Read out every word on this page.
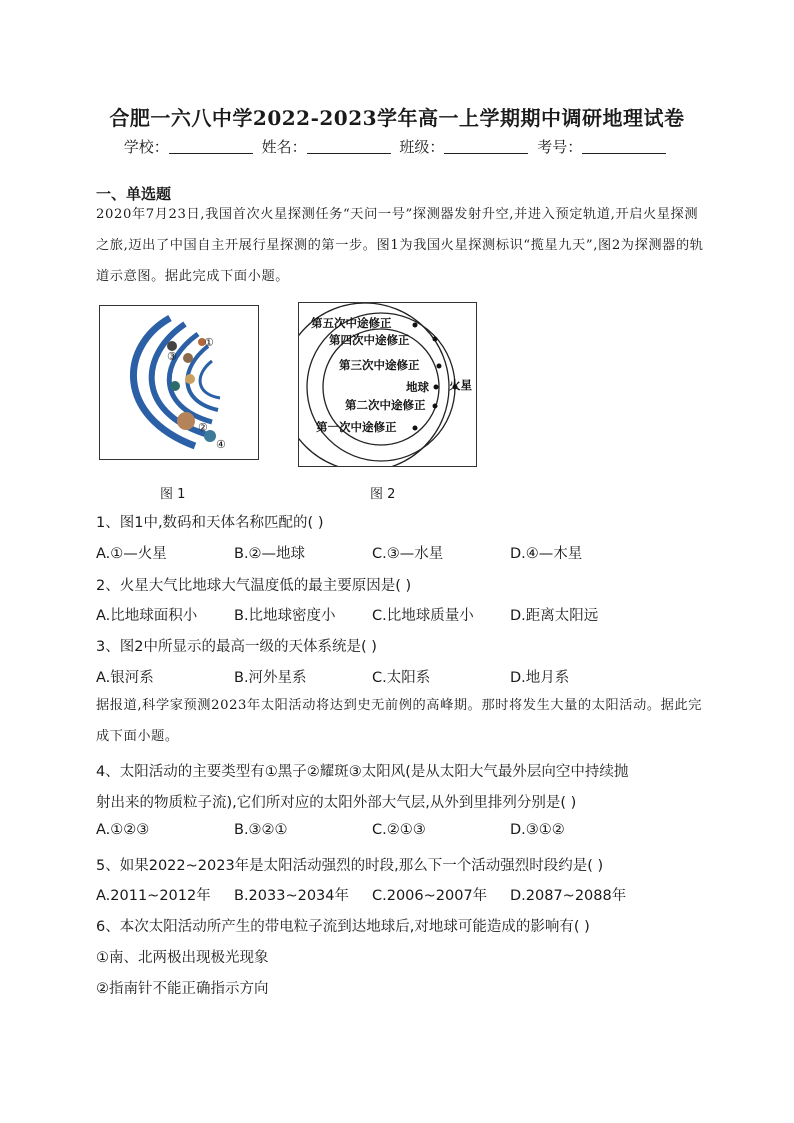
合肥一六八中学2022-2023学年高一上学期期中调研地理试卷
学校：	姓名：	班级：	考号：
一、单选题
2020年7月23日,我国首次火星探测任务“天问一号”探测器发射升空,并进入预定轨道,开启火星探测之旅,迈出了中国自主开展行星探测的第一步。图1为我国火星探测标识“揽星九天”,图2为探测器的轨道示意图。据此完成下面小题。
①
②
③
④
图 1
第五次中途修正
第四次中途修正
第三次中途修正
地球 火星
第二次中途修正
第一次中途修正
图 2
1、图1中,数码和天体名称匹配的( )
A.①—火星	B.②—地球	C.③—水星	D.④—木星
2、火星大气比地球大气温度低的最主要原因是( )
A.比地球面积小	B.比地球密度小	C.比地球质量小	D.距离太阳远
3、图2中所显示的最高一级的天体系统是( )
A.银河系	B.河外星系	C.太阳系	D.地月系
据报道,科学家预测2023年太阳活动将达到史无前例的高峰期。那时将发生大量的太阳活动。据此完成下面小题。
4、太阳活动的主要类型有①黑子②耀斑③太阳风(是从太阳大气最外层向空中持续抛
射出来的物质粒子流),它们所对应的太阳外部大气层,从外到里排列分别是( )
A.①②③	B.③②①	C.②①③	D.③①②
5、如果2022~2023年是太阳活动强烈的时段,那么下一个活动强烈时段约是( )
A.2011~2012年 B.2033~2034年 C.2006~2007年 D.2087~2088年
6、本次太阳活动所产生的带电粒子流到达地球后,对地球可能造成的影响有( )
①南、北两极出现极光现象
②指南针不能正确指示方向
